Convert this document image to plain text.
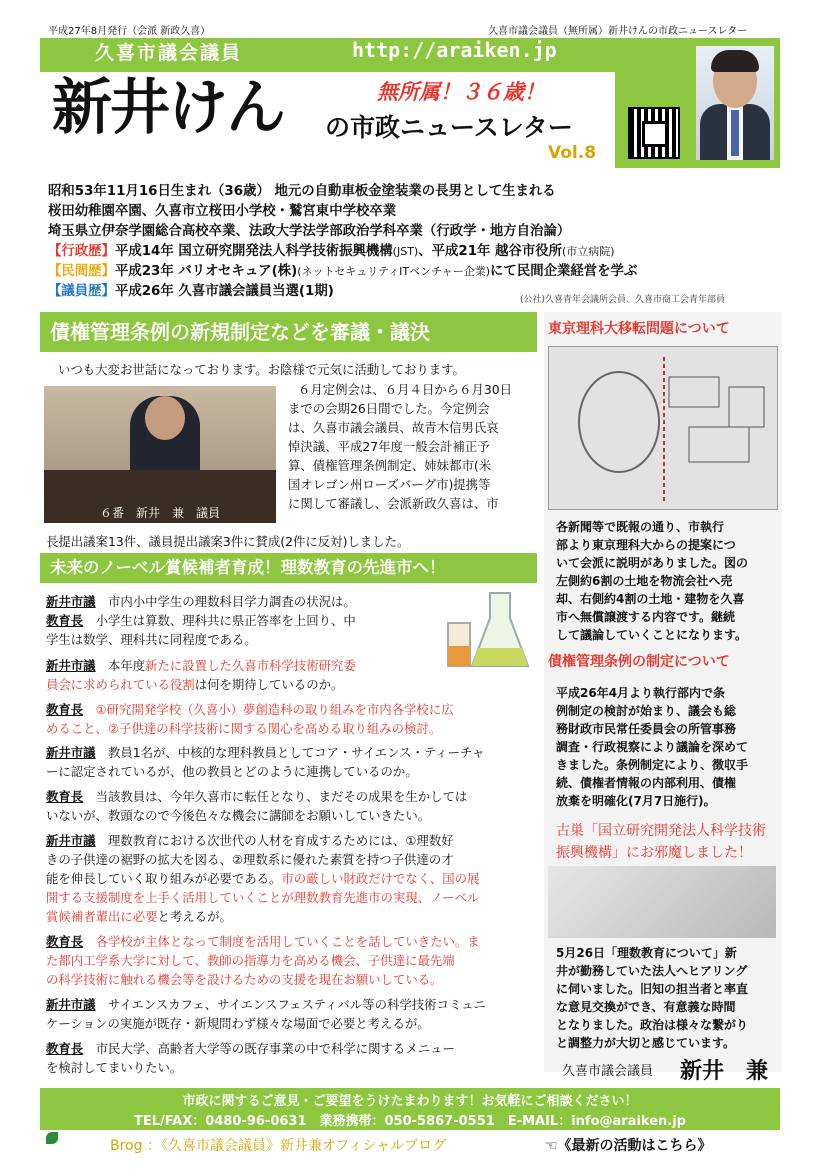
平成27年8月発行（会派 新政久喜）	久喜市議会議員（無所属）新井けんの市政ニュースレター
久喜市議会議員	http://araiken.jp
新井けん の市政ニュースレター
無所属！３６歳！
Vol.8
昭和53年11月16日生まれ（36歳） 地元の自動車板金塗装業の長男として生まれる
桜田幼稚園卒園、久喜市立桜田小学校・鷲宮東中学校卒業
埼玉県立伊奈学園総合高校卒業、法政大学法学部政治学科卒業（行政学・地方自治論）
【行政歴】平成14年 国立研究開発法人科学技術振興機構(JST)、平成21年 越谷市役所(市立病院)
【民間歴】平成23年 バリオセキュア(株)(ネットセキュリティITベンチャー企業)にて民間企業経営を学ぶ
【議員歴】平成26年 久喜市議会議員当選(1期)
(公社)久喜青年会議所会員、久喜市商工会青年部員
債権管理条例の新規制定などを審議・議決
いつも大変お世話になっております。お陰様で元気に活動しております。
６番　新井　兼　議員
６月定例会は、６月４日から６月30日
までの会期26日間でした。今定例会
は、久喜市議会議員、故青木信男氏哀
悼決議、平成27年度一般会計補正予
算、債権管理条例制定、姉妹都市(米
国オレゴン州ローズバーグ市)提携等
に関して審議し、会派新政久喜は、市
長提出議案13件、議員提出議案3件に賛成(2件に反対)しました。
未来のノーベル賞候補者育成！理数教育の先進市へ！
新井市議　 市内小中学生の理数科目学力調査の状況は。
教育長　 小学生は算数、理科共に県正答率を上回り、中
学生は数学、理科共に同程度である。
新井市議　 本年度新たに設置した久喜市科学技術研究委
員会に求められている役割は何を期待しているのか。
教育長　 ①研究開発学校（久喜小）夢創造科の取り組みを市内各学校に広
めること、②子供達の科学技術に関する関心を高める取り組みの検討。
新井市議　 教員1名が、中核的な理科教員としてコア・サイエンス・ティーチャ
ーに認定されているが、他の教員とどのように連携しているのか。
教育長　 当該教員は、今年久喜市に転任となり、まだその成果を生かしては
いないが、教頭なので今後色々な機会に講師をお願いしていきたい。
新井市議　 理数教育における次世代の人材を育成するためには、①理数好
きの子供達の裾野の拡大を図る、②理数系に優れた素質を持つ子供達の才
能を伸長していく取り組みが必要である。市の厳しい財政だけでなく、国の展
開する支援制度を上手く活用していくことが理数教育先進市の実現、ノーベル
賞候補者輩出に必要と考えるが。
教育長　 各学校が主体となって制度を活用していくことを話していきたい。ま
た都内工学系大学に対して、教師の指導力を高める機会、子供達に最先端
の科学技術に触れる機会等を設けるための支援を現在お願いしている。
新井市議　 サイエンスカフェ、サイエンスフェスティバル等の科学技術コミュニ
ケーションの実施が既存・新規問わず様々な場面で必要と考えるが。
教育長　 市民大学、高齢者大学等の既存事業の中で科学に関するメニュー
を検討してまいりたい。
東京理科大移転問題について
各新聞等で既報の通り、市執行
部より東京理科大からの提案につ
いて会派に説明がありました。図の
左側約6割の土地を物流会社へ売
却、右側約4割の土地・建物を久喜
市へ無償譲渡する内容です。継続
して議論していくことになります。
債権管理条例の制定について
平成26年4月より執行部内で条
例制定の検討が始まり、議会も総
務財政市民常任委員会の所管事務
調査・行政視察により議論を深めて
きました。条例制定により、徴収手
続、債権者情報の内部利用、債権
放棄を明確化(7月7日施行)。
古巣「国立研究開発法人科学技術振興機構」にお邪魔しました！
5月26日「理数教育について」新
井が勤務していた法人へヒアリング
に伺いました。旧知の担当者と率直
な意見交換ができ、有意義な時間
となりました。政治は様々な繋がり
と調整力が大切と感じています。
久喜市議会議員 新井　兼
市政に関するご意見・ご要望をうけたまわります！お気軽にご相談ください！
TEL/FAX：0480-96-0631　業務携帯：050-5867-0551　E-MAIL：info@araiken.jp
Brog ：《久喜市議会議員》新井兼オフィシャルブログ	☜《最新の活動はこちら》
